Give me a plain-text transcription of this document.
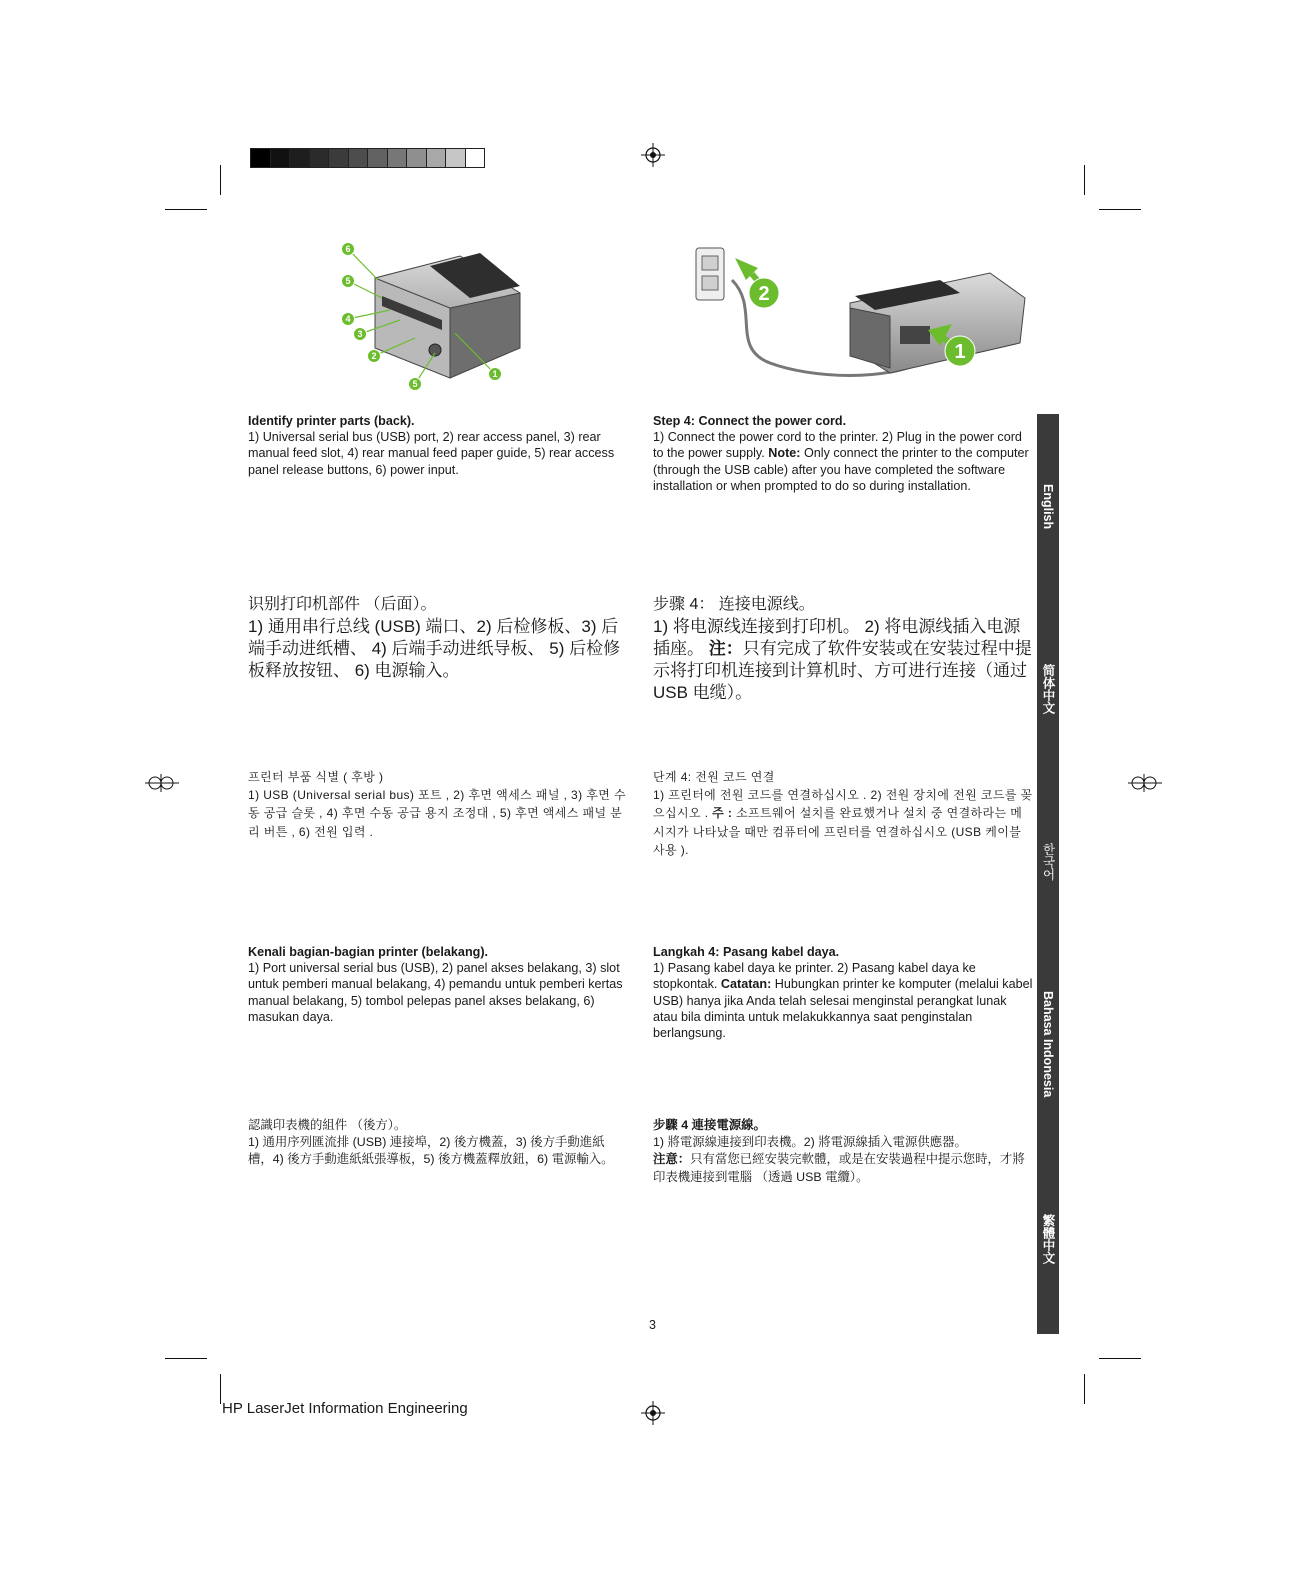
6
5
4
3
2
5
1
2
1
Identify printer parts (back).

1) Universal serial bus (USB) port, 2) rear access panel, 3) rear manual feed slot, 4) rear manual feed paper guide, 5) rear access panel release buttons, 6) power input.

Step 4: Connect the power cord.

1) Connect the power cord to the printer. 2) Plug in the power cord to the power supply. Note: Only connect the printer to the computer (through the USB cable) after you have completed the software installation or when prompted to do so during installation.

识别打印机部件 （后面）。

1) 通用串行总线 (USB) 端口、2) 后检修板、3) 后端手动进纸槽、 4) 后端手动进纸导板、 5) 后检修板释放按钮、 6) 电源输入。

步骤 4： 连接电源线。

1) 将电源线连接到打印机。 2) 将电源线插入电源插座。 注：只有完成了软件安装或在安装过程中提示将打印机连接到计算机时、方可进行连接（通过 USB 电缆）。

프린터 부품 식별 ( 후방 )

1) USB (Universal serial bus) 포트 , 2) 후면 액세스 패널 , 3) 후면 수동 공급 슬롯 , 4) 후면 수동 공급 용지 조정대 , 5) 후면 액세스 패널 분리 버튼 , 6) 전원 입력 .

단계 4: 전원 코드 연결

1) 프린터에 전원 코드를 연결하십시오 . 2) 전원 장치에 전원 코드를 꽂으십시오 . 주 : 소프트웨어 설치를 완료했거나 설치 중 연결하라는 메시지가 나타났을 때만 컴퓨터에 프린터를 연결하십시오 (USB 케이블 사용 ).

Kenali bagian-bagian printer (belakang).

1) Port universal serial bus (USB), 2) panel akses belakang, 3) slot untuk pemberi manual belakang, 4) pemandu untuk pemberi kertas manual belakang, 5) tombol pelepas panel akses belakang, 6) masukan daya.

Langkah 4: Pasang kabel daya.

1) Pasang kabel daya ke printer. 2) Pasang kabel daya ke stopkontak. Catatan: Hubungkan printer ke komputer (melalui kabel USB) hanya jika Anda telah selesai menginstal perangkat lunak atau bila diminta untuk melakukkannya saat penginstalan berlangsung.

認識印表機的組件 （後方）。

1) 通用序列匯流排 (USB) 連接埠，2) 後方機蓋，3) 後方手動進紙槽，4) 後方手動進紙紙張導板，5) 後方機蓋釋放鈕，6) 電源輸入。

步驟 4 連接電源線。

1) 將電源線連接到印表機。2) 將電源線插入電源供應器。
注意：只有當您已經安裝完軟體，或是在安裝過程中提示您時，才將印表機連接到電腦 （透過 USB 電纜）。

English
简体中文
한국어
Bahasa Indonesia
繁體中文
3
HP LaserJet Information Engineering
